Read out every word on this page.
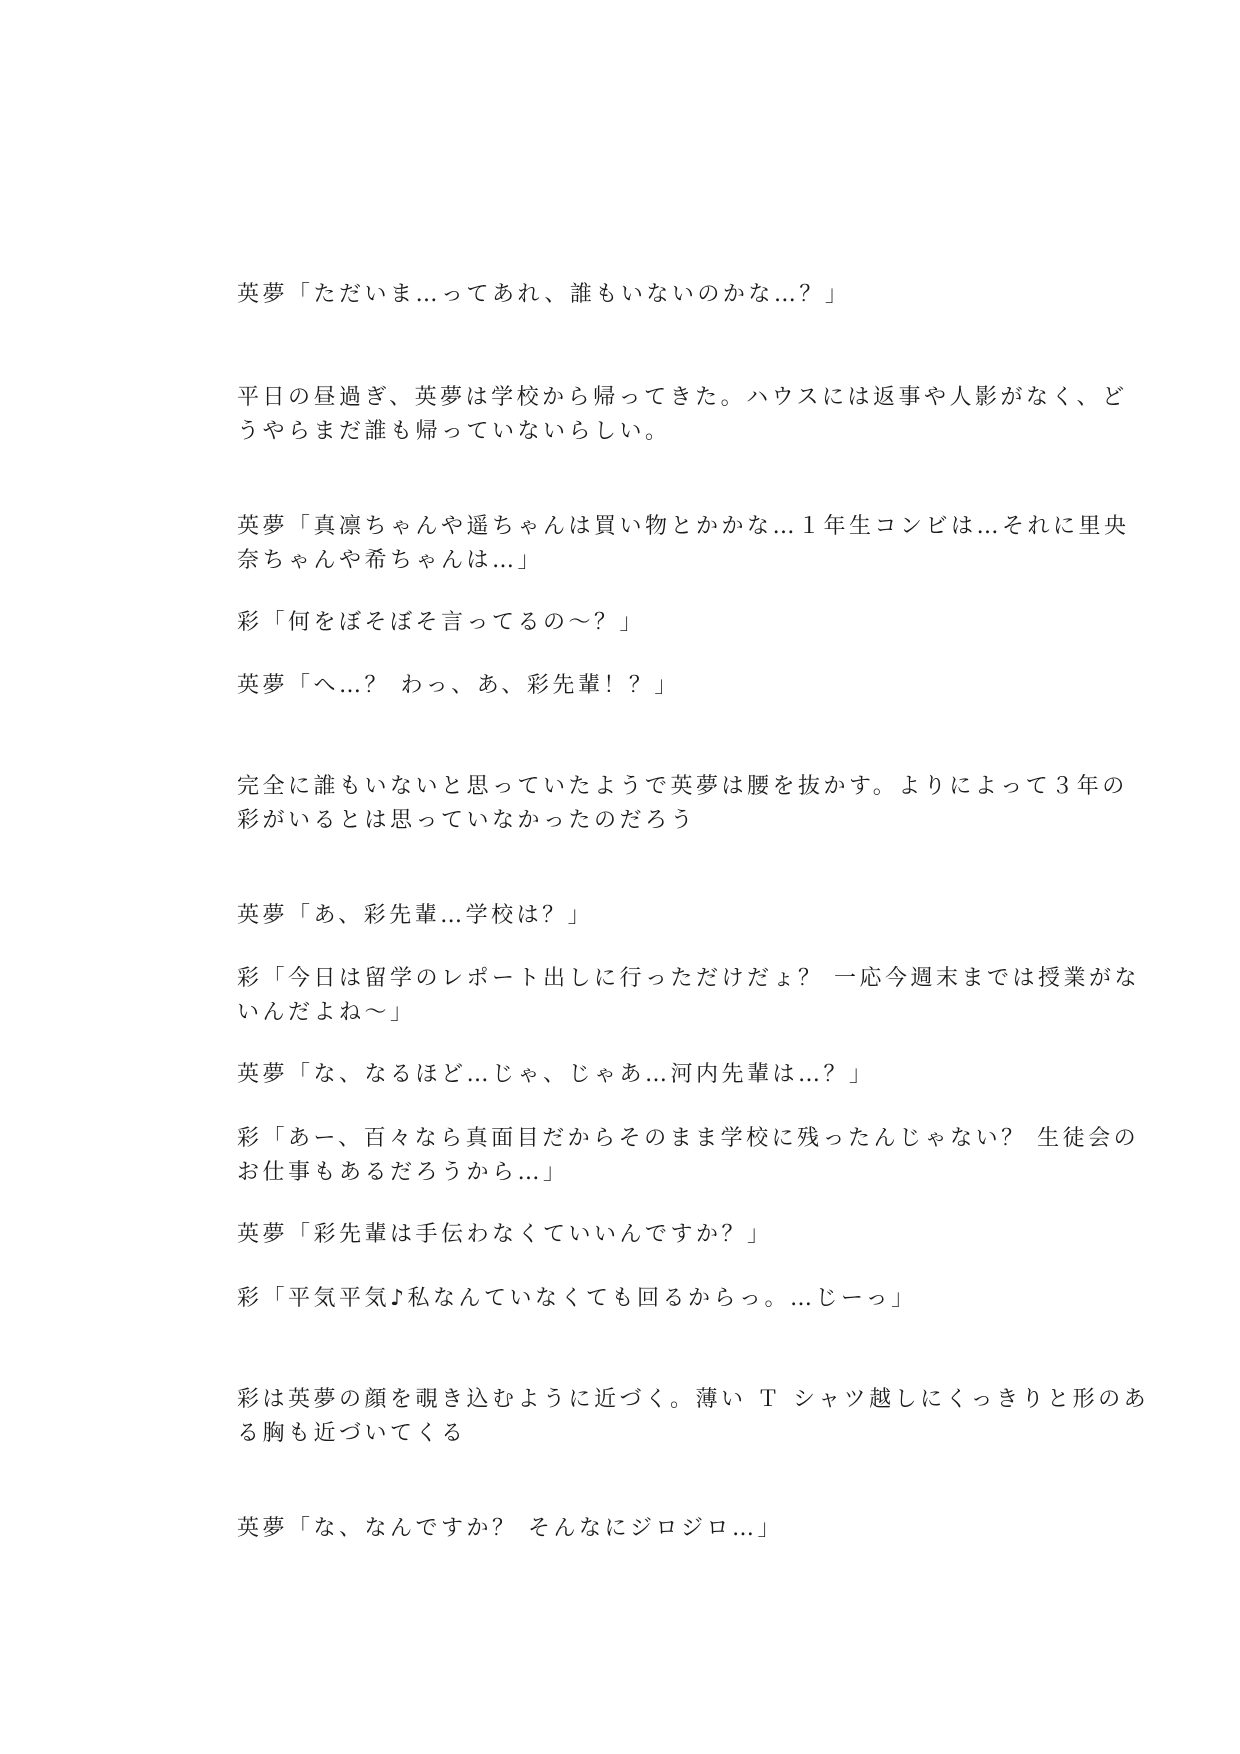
英夢「ただいま…ってあれ、誰もいないのかな…？」
平日の昼過ぎ、英夢は学校から帰ってきた。ハウスには返事や人影がなく、ど
うやらまだ誰も帰っていないらしい。
英夢「真凛ちゃんや遥ちゃんは買い物とかかな…１年生コンビは…それに里央
奈ちゃんや希ちゃんは…」
彩「何をぼそぼそ言ってるの～？」
英夢「へ…？ わっ、あ、彩先輩！？」
完全に誰もいないと思っていたようで英夢は腰を抜かす。よりによって３年の
彩がいるとは思っていなかったのだろう
英夢「あ、彩先輩…学校は？」
彩「今日は留学のレポート出しに行っただけだょ？ 一応今週末までは授業がな
いんだよね～」
英夢「な、なるほど…じゃ、じゃあ…河内先輩は…？」
彩「あー、百々なら真面目だからそのまま学校に残ったんじゃない？ 生徒会の
お仕事もあるだろうから…」
英夢「彩先輩は手伝わなくていいんですか？」
彩「平気平気♪私なんていなくても回るからっ。…じーっ」
彩は英夢の顔を覗き込むように近づく。薄い Ｔ シャツ越しにくっきりと形のあ
る胸も近づいてくる
英夢「な、なんですか？ そんなにジロジロ…」
